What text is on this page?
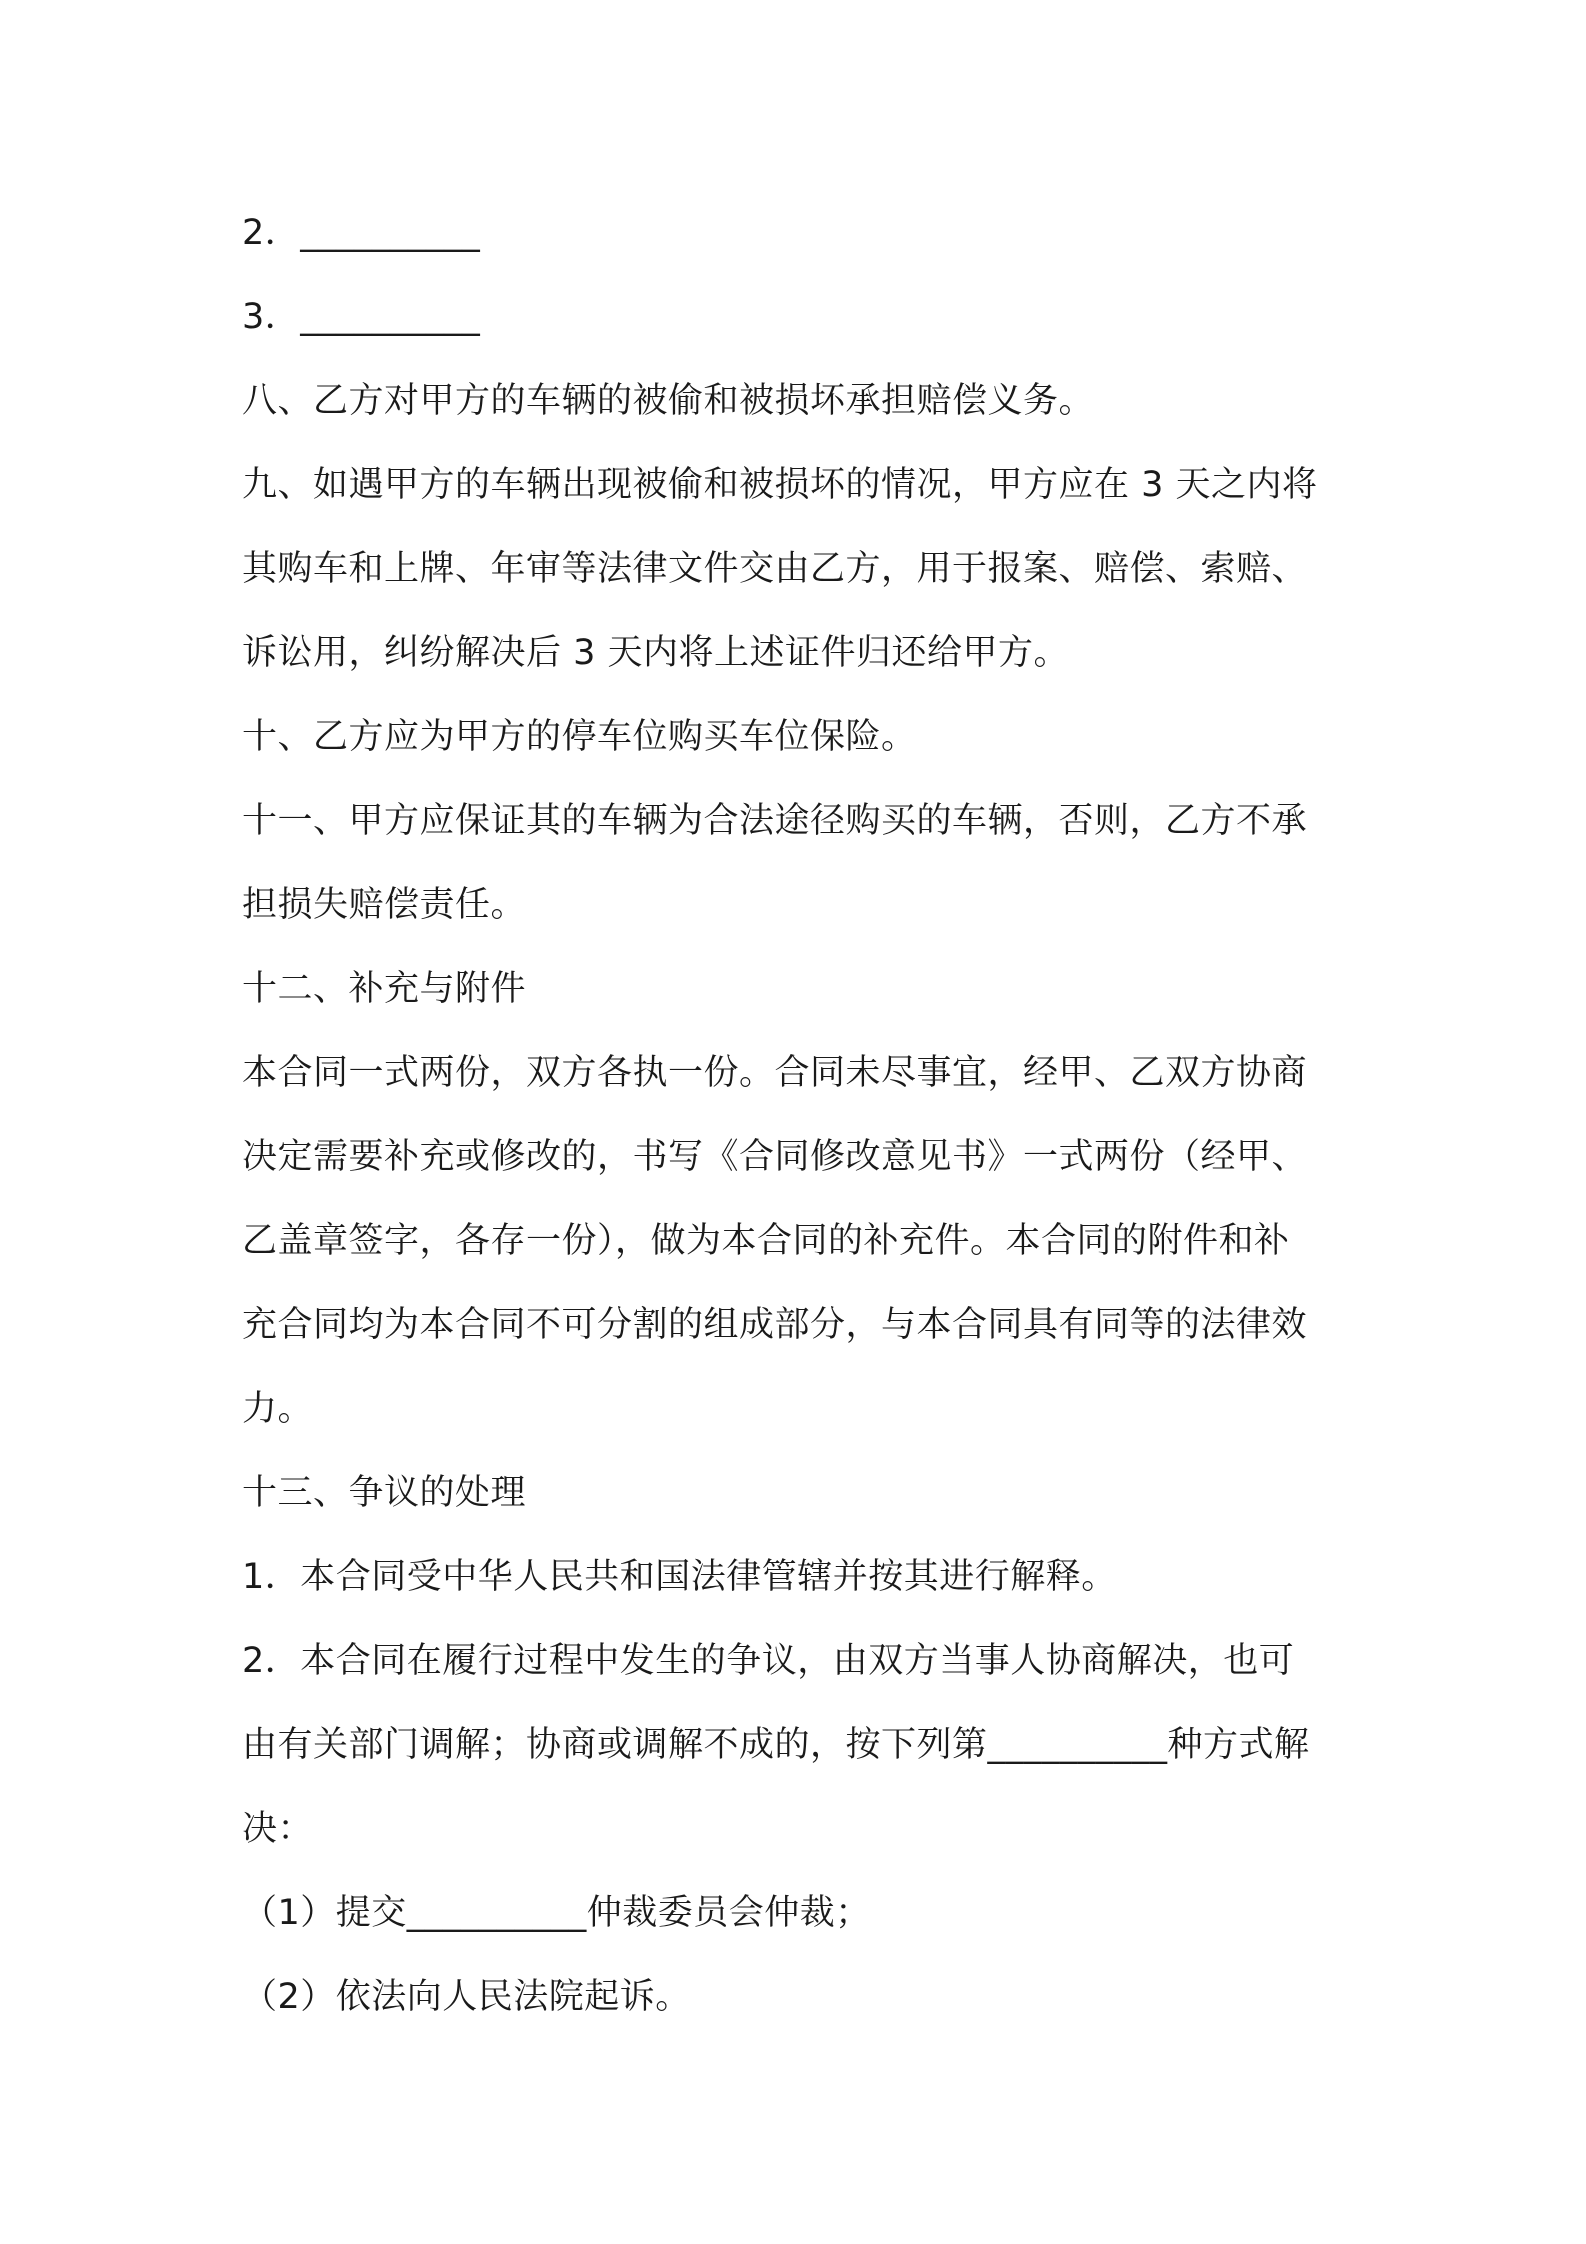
2．__________
3．__________
八、乙方对甲方的车辆的被偷和被损坏承担赔偿义务。
九、如遇甲方的车辆出现被偷和被损坏的情况，甲方应在 3 天之内将
其购车和上牌、年审等法律文件交由乙方，用于报案、赔偿、索赔、
诉讼用，纠纷解决后 3 天内将上述证件归还给甲方。
十、乙方应为甲方的停车位购买车位保险。
十一、甲方应保证其的车辆为合法途径购买的车辆，否则，乙方不承
担损失赔偿责任。
十二、补充与附件
本合同一式两份，双方各执一份。合同未尽事宜，经甲、乙双方协商
决定需要补充或修改的，书写《合同修改意见书》一式两份（经甲、
乙盖章签字，各存一份），做为本合同的补充件。本合同的附件和补
充合同均为本合同不可分割的组成部分，与本合同具有同等的法律效
力。
十三、争议的处理
1．本合同受中华人民共和国法律管辖并按其进行解释。
2．本合同在履行过程中发生的争议，由双方当事人协商解决，也可
由有关部门调解；协商或调解不成的，按下列第__________种方式解
决：
（1）提交__________仲裁委员会仲裁；
（2）依法向人民法院起诉。
